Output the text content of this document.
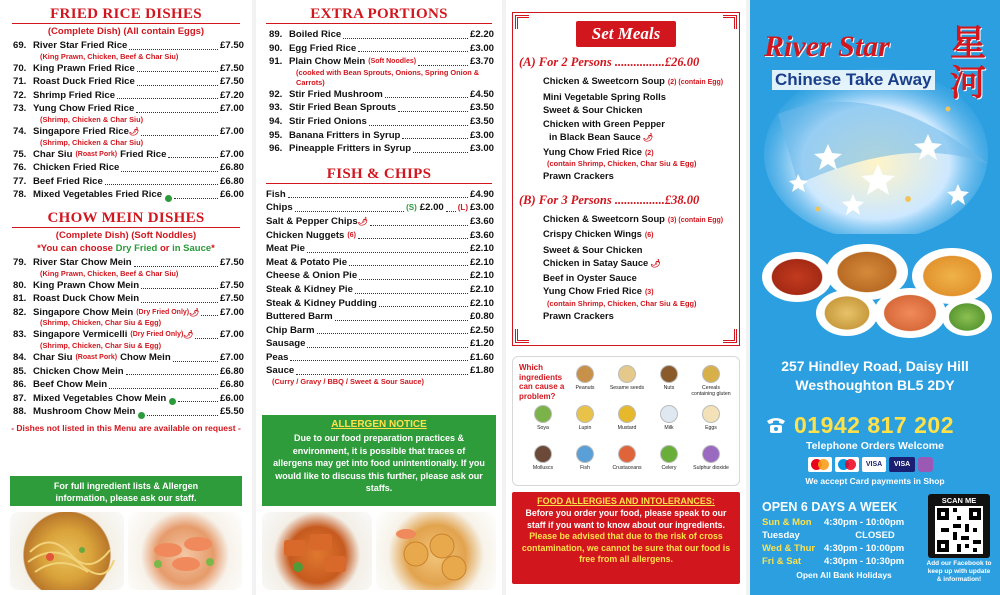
FRIED RICE DISHES
(Complete Dish) (All contain Eggs)
69. River Star Fried Rice	£7.50
(King Prawn, Chicken, Beef & Char Siu)
70. King Prawn Fried Rice	£7.50
71. Roast Duck Fried Rice	£7.50
72. Shrimp Fried Rice	£7.20
73. Yung Chow Fried Rice	£7.00
(Shrimp, Chicken & Char Siu)
74. Singapore Fried Rice 🌶	£7.00
(Shrimp, Chicken & Char Siu)
75. Char Siu (Roast Pork) Fried Rice	£7.00
76. Chicken Fried Rice	£6.80
77. Beef Fried Rice	£6.80
78. Mixed Vegetables Fried Rice	£6.00
CHOW MEIN DISHES
(Complete Dish) (Soft Noddles)
*You can choose Dry Fried or in Sauce*
79. River Star Chow Mein	£7.50
(King Prawn, Chicken, Beef & Char Siu)
80. King Prawn Chow Mein	£7.50
81. Roast Duck Chow Mein	£7.50
82. Singapore Chow Mein (Dry Fried Only) 🌶 £7.00
(Shrimp, Chicken, Char Siu & Egg)
83. Singapore Vermicelli (Dry Fried Only) 🌶	£7.00
(Shrimp, Chicken, Char Siu & Egg)
84. Char Siu (Roast Pork) Chow Mein	£7.00
85. Chicken Chow Mein	£6.80
86. Beef Chow Mein	£6.80
87. Mixed Vegetables Chow Mein	£6.00
88. Mushroom Chow Mein	£5.50
- Dishes not listed in this Menu are available on request -
For full ingredient lists & Allergen information, please ask our staff.
EXTRA PORTIONS
89. Boiled Rice	£2.20
90. Egg Fried Rice	£3.00
91. Plain Chow Mein (Soft Noodles)	£3.70
(cooked with Bean Sprouts, Onions, Spring Onion & Carrots)
92. Stir Fried Mushroom	£4.50
93. Stir Fried Bean Sprouts	£3.50
94. Stir Fried Onions	£3.50
95. Banana Fritters in Syrup	£3.00
96. Pineapple Fritters in Syrup	£3.00
FISH & CHIPS
Fish	£4.90
Chips	(S) £2.00 (L) £3.00
Salt & Pepper Chips 🌶	£3.60
Chicken Nuggets (6)	£3.60
Meat Pie	£2.10
Meat & Potato Pie	£2.10
Cheese & Onion Pie	£2.10
Steak & Kidney Pie	£2.10
Steak & Kidney Pudding	£2.10
Buttered Barm	£0.80
Chip Barm	£2.50
Sausage	£1.20
Peas	£1.60
Sauce	£1.80
(Curry / Gravy / BBQ / Sweet & Sour Sauce)
ALLERGEN NOTICE
Due to our food preparation practices & environment, it is possible that traces of allergens may get into food unintentionally. If you would like to discuss this further, please ask our staffs.
Set Meals
(A) For 2 Persons ................£26.00
Chicken & Sweetcorn Soup (2) (contain Egg)
Mini Vegetable Spring Rolls
Sweet & Sour Chicken
Chicken with Green Pepper
in Black Bean Sauce 🌶
Yung Chow Fried Rice (2)
(contain Shrimp, Chicken, Char Siu & Egg)
Prawn Crackers
(B) For 3 Persons ................£38.00
Chicken & Sweetcorn Soup (3) (contain Egg)
Crispy Chicken Wings (6)
Sweet & Sour Chicken
Chicken in Satay Sauce 🌶
Beef in Oyster Sauce
Yung Chow Fried Rice (3)
(contain Shrimp, Chicken, Char Siu & Egg)
Prawn Crackers
Which ingredients can cause a problem?
Peanuts	Sesame seeds	Nuts	Cereals containing gluten
Soya	Lupin	Mustard	Milk	Eggs
Molluscs	Fish	Crustaceans	Celery	Sulphur dioxide
FOOD ALLERGIES AND INTOLERANCES:
Before you order your food, please speak to our staff if you want to know about our ingredients.
Please be advised that due to the risk of cross contamination, we cannot be sure that our food is free from all allergens.
River Star 星河
Chinese Take Away
257 Hindley Road, Daisy Hill
Westhoughton BL5 2DY
01942 817 202
Telephone Orders Welcome
VISA	VISA
We accept Card payments in Shop
OPEN 6 DAYS A WEEK
Sun & Mon	4:30pm - 10:00pm
Tuesday	CLOSED
Wed & Thur 4:30pm - 10:00pm
Fri & Sat	4:30pm - 10:30pm
Open All Bank Holidays
SCAN ME
Add our Facebook to keep up with update & information!
